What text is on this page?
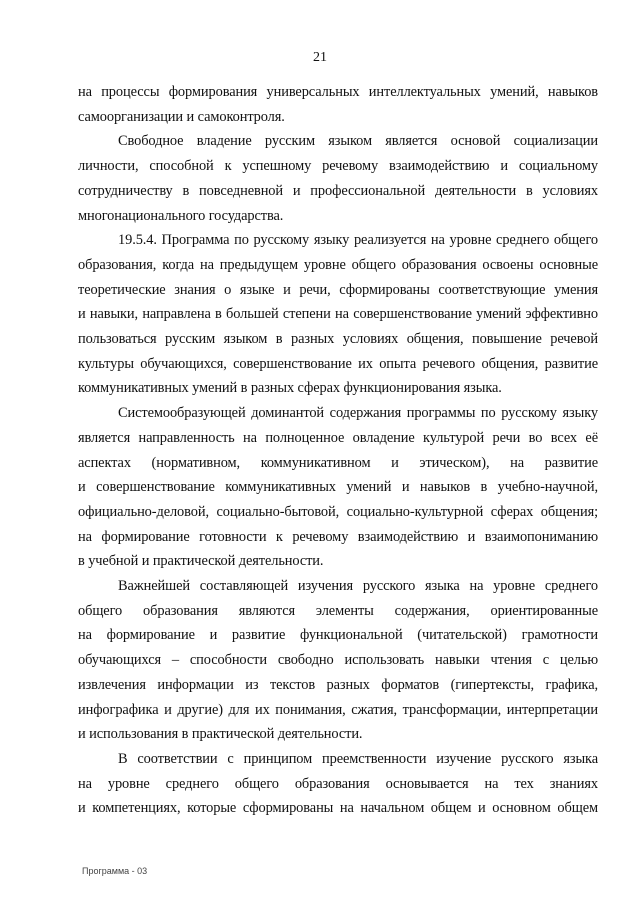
21

на процессы формирования универсальных интеллектуальных умений, навыков
самоорганизации и самоконтроля.

Свободное владение русским языком является основой социализации
личности, способной к успешному речевому взаимодействию и социальному
сотрудничеству в повседневной и профессиональной деятельности в условиях
многонационального государства.

19.5.4. Программа по русскому языку реализуется на уровне среднего общего
образования, когда на предыдущем уровне общего образования освоены основные
теоретические знания о языке и речи, сформированы соответствующие умения
и навыки, направлена в большей степени на совершенствование умений эффективно
пользоваться русским языком в разных условиях общения, повышение речевой
культуры обучающихся, совершенствование их опыта речевого общения, развитие
коммуникативных умений в разных сферах функционирования языка.

Системообразующей доминантой содержания программы по русскому языку
является направленность на полноценное овладение культурой речи во всех её
аспектах (нормативном, коммуникативном и этическом), на развитие
и совершенствование коммуникативных умений и навыков в учебно-научной,
официально-деловой, социально-бытовой, социально-культурной сферах общения;
на формирование готовности к речевому взаимодействию и взаимопониманию
в учебной и практической деятельности.

Важнейшей составляющей изучения русского языка на уровне среднего
общего образования являются элементы содержания, ориентированные
на формирование и развитие функциональной (читательской) грамотности
обучающихся – способности свободно использовать навыки чтения с целью
извлечения информации из текстов разных форматов (гипертексты, графика,
инфографика и другие) для их понимания, сжатия, трансформации, интерпретации
и использования в практической деятельности.

В соответствии с принципом преемственности изучение русского языка
на уровне среднего общего образования основывается на тех знаниях
и компетенциях, которые сформированы на начальном общем и основном общем

Программа - 03
